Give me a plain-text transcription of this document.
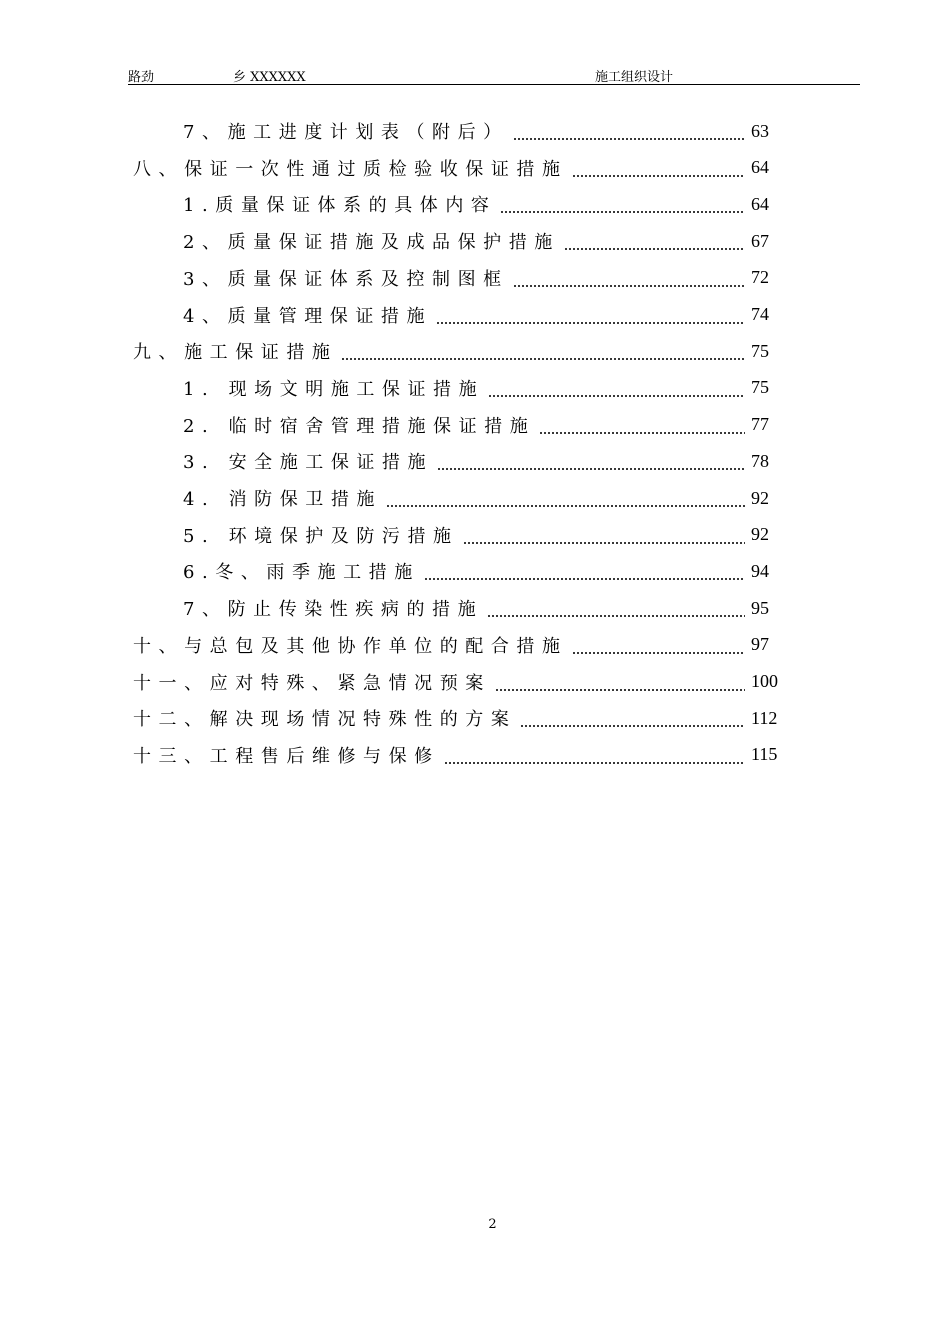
路劲	乡 XXXXXX	施工组织设计
7、施工进度计划表（附后）	63
八、保证一次性通过质检验收保证措施	64
1.质量保证体系的具体内容	64
2、质量保证措施及成品保护措施	67
3、质量保证体系及控制图框	72
4、质量管理保证措施	74
九、施工保证措施	75
1. 现场文明施工保证措施	75
2. 临时宿舍管理措施保证措施	77
3. 安全施工保证措施	78
4. 消防保卫措施	92
5. 环境保护及防污措施	92
6.冬、雨季施工措施	94
7、防止传染性疾病的措施	95
十、与总包及其他协作单位的配合措施	97
十一、应对特殊、紧急情况预案	100
十二、解决现场情况特殊性的方案	112
十三、工程售后维修与保修	115
2
